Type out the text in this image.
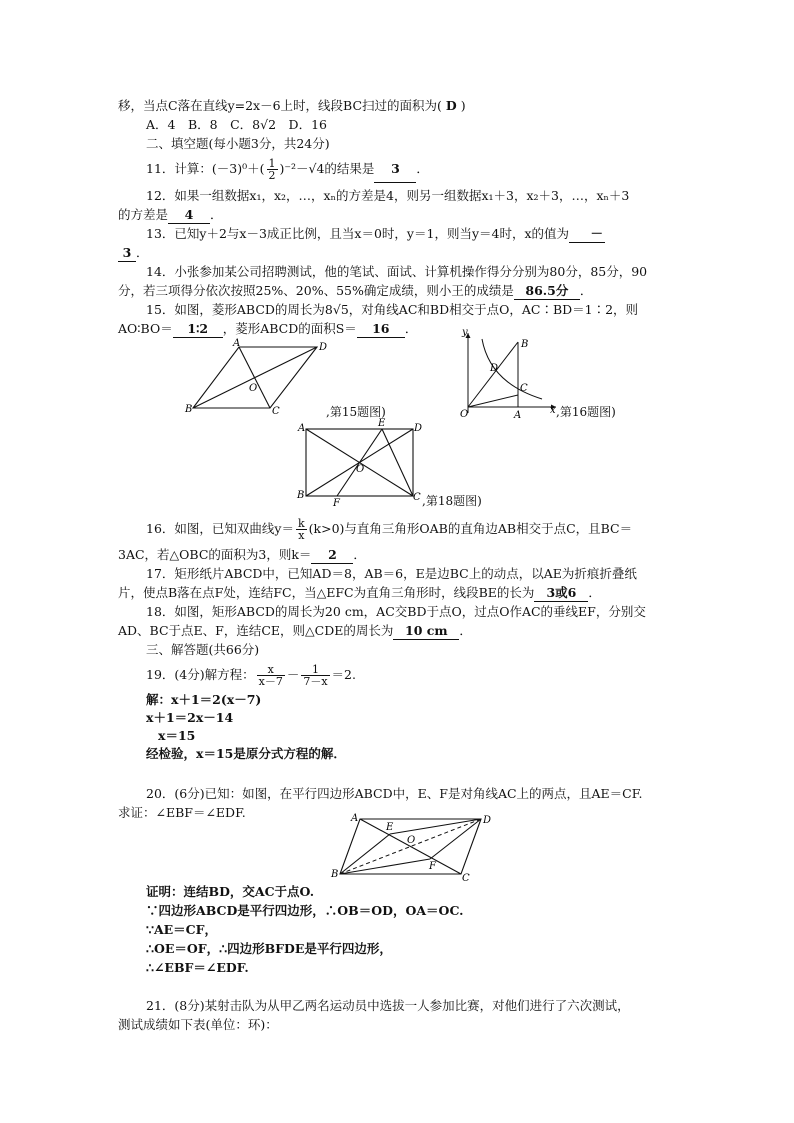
移，当点C落在直线y=2x－6上时，线段BC扫过的面积为( D )
A．4　B．8　C．8√2　D．16
二、填空题(每小题3分，共24分)
11．计算：$(-3)^0+( \frac{1}{2} )^{-2}-√4$的结果是 3 ．
12．如果一组数据x₁，x₂，…，xₙ的方差是4，则另一组数据x₁＋3，x₂＋3，…，xₙ＋3
的方差是 4 ．
13．已知y＋2与x－3成正比例，且当x＝0时，y＝1，则当y＝4时，x的值为 －
3 ．
14．小张参加某公司招聘测试，他的笔试、面试、计算机操作得分分别为80分，85分，90
分，若三项得分依次按照25%、20%、55%确定成绩，则小王的成绩是 86.5分 ．
15．如图，菱形ABCD的周长为8√5，对角线AC和BD相交于点O，AC∶BD＝1∶2，则
AO∶BO＝ 1∶2 ，菱形ABCD的面积S＝ 16 ．
A	D
O
B	C	,第15题图)
y
B
D
C
O	A	x ,第16题图)
A	E	D
O
B
F
C ,第18题图)
16．如图，已知双曲线$y= \frac{k}{x} (k>0)$与直角三角形OAB的直角边AB相交于点C，且BC＝
3AC，若△OBC的面积为3，则k＝ 2 ．
17．矩形纸片ABCD中，已知AD＝8，AB＝6，E是边BC上的动点，以AE为折痕折叠纸
片，使点B落在点F处，连结FC，当△EFC为直角三角形时，线段BE的长为 3或6 ．
18．如图，矩形ABCD的周长为20 cm，AC交BD于点O，过点O作AC的垂线EF，分别交
AD、BC于点E、F，连结CE，则△CDE的周长为 10 cm ．
三、解答题(共66分)
19．(4分)解方程： $\frac{x}{x-7} - \frac{1}{7-x} =2$.
解：x＋1＝2(x－7)
x＋1＝2x－14
x＝15
经检验，x＝15是原分式方程的解．
20．(6分)已知：如图，在平行四边形ABCD中，E、F是对角线AC上的两点，且AE＝CF.
求证：∠EBF＝∠EDF.	A
E
D
O
F
B	C
证明：连结BD，交AC于点O.
∵四边形ABCD是平行四边形，∴OB＝OD，OA＝OC.
∵AE＝CF，
∴OE＝OF，∴四边形BFDE是平行四边形，
∴∠EBF＝∠EDF.
21．(8分)某射击队为从甲乙两名运动员中选拔一人参加比赛，对他们进行了六次测试，
测试成绩如下表(单位：环)：
